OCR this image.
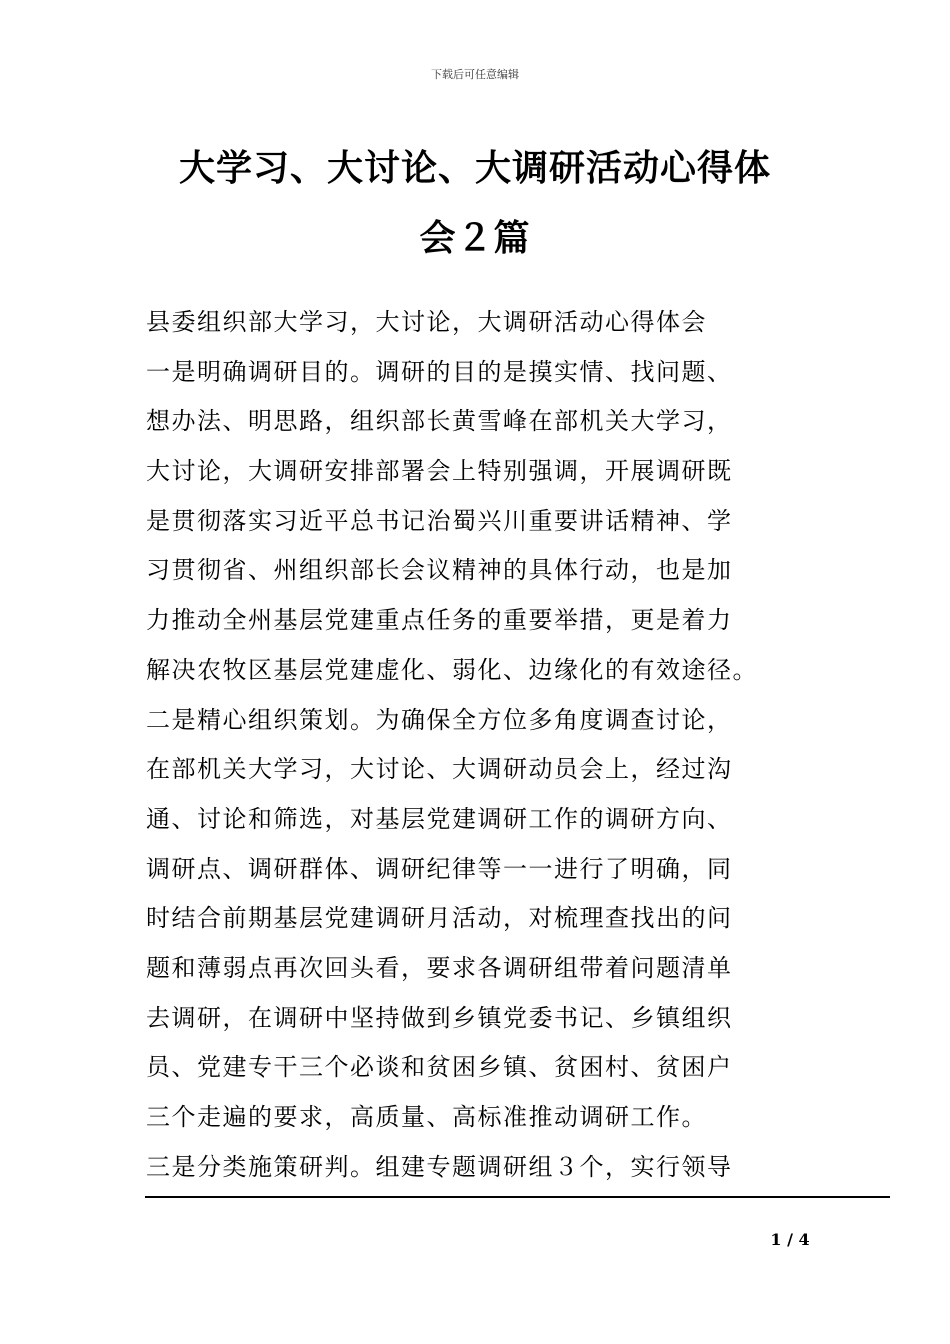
下载后可任意编辑
大学习、大讨论、大调研活动心得体
会２篇
县委组织部大学习，大讨论，大调研活动心得体会
一是明确调研目的。调研的目的是摸实情、找问题、
想办法、明思路，组织部长黄雪峰在部机关大学习，
大讨论，大调研安排部署会上特别强调，开展调研既
是贯彻落实习近平总书记治蜀兴川重要讲话精神、学
习贯彻省、州组织部长会议精神的具体行动，也是加
力推动全州基层党建重点任务的重要举措，更是着力
解决农牧区基层党建虚化、弱化、边缘化的有效途径。
二是精心组织策划。为确保全方位多角度调查讨论，
在部机关大学习，大讨论、大调研动员会上，经过沟
通、讨论和筛选，对基层党建调研工作的调研方向、
调研点、调研群体、调研纪律等一一进行了明确，同
时结合前期基层党建调研月活动，对梳理查找出的问
题和薄弱点再次回头看，要求各调研组带着问题清单
去调研，在调研中坚持做到乡镇党委书记、乡镇组织
员、党建专干三个必谈和贫困乡镇、贫困村、贫困户
三个走遍的要求，高质量、高标准推动调研工作。
三是分类施策研判。组建专题调研组３个，实行领导
1 / 4
